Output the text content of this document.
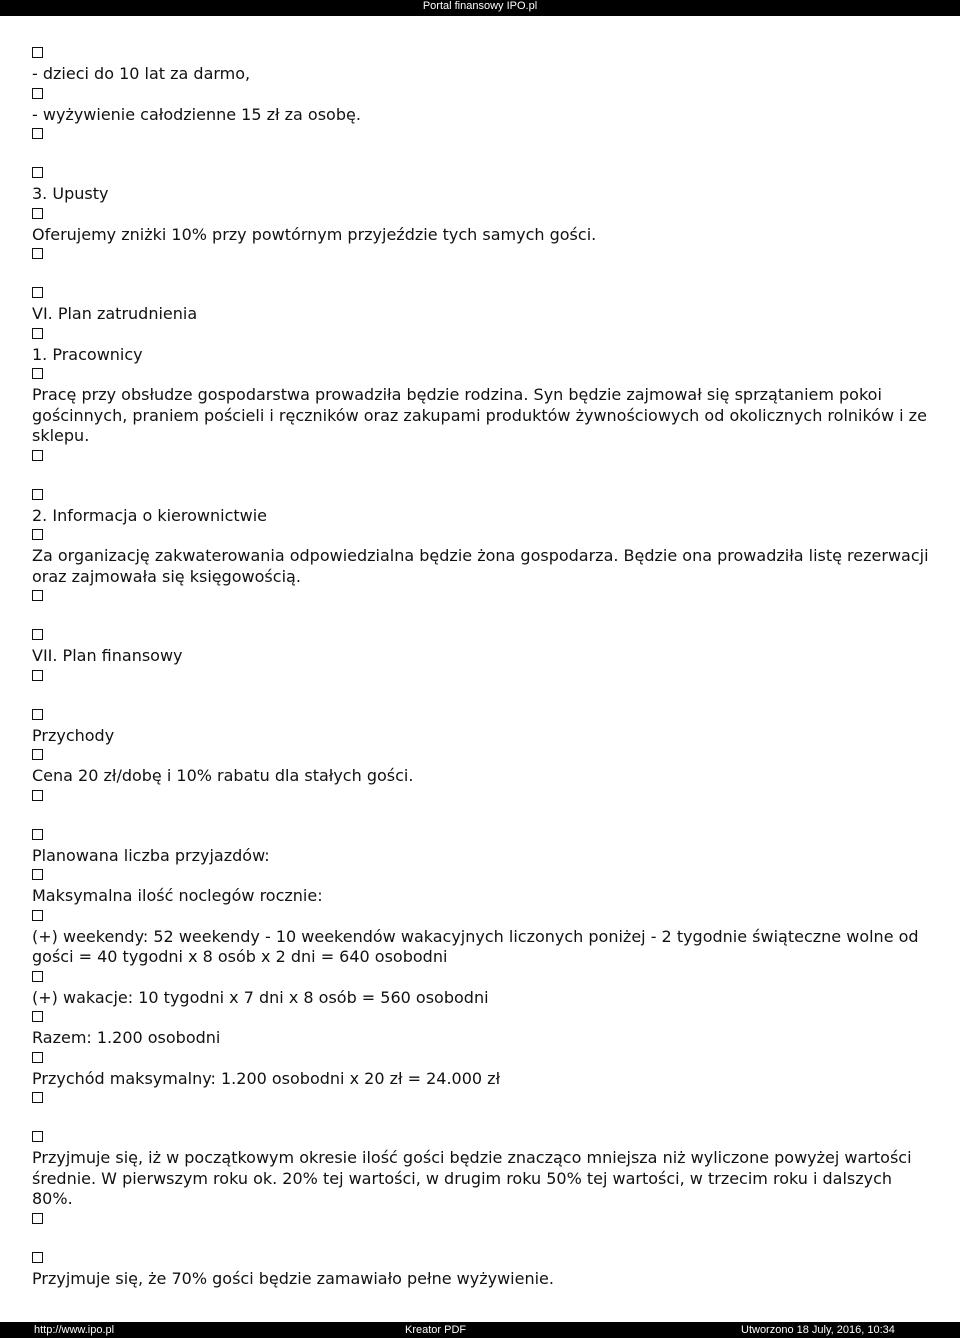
Portal finansowy IPO.pl
- dzieci do 10 lat za darmo,
- wyżywienie całodzienne 15 zł za osobę.
3. Upusty
Oferujemy zniżki 10% przy powtórnym przyjeździe tych samych gości.
VI. Plan zatrudnienia
1. Pracownicy
Pracę przy obsłudze gospodarstwa prowadziła będzie rodzina. Syn będzie zajmował się sprzątaniem pokoi gościnnych, praniem pościeli i ręczników oraz zakupami produktów żywnościowych od okolicznych rolników i ze sklepu.
2. Informacja o kierownictwie
Za organizację zakwaterowania odpowiedzialna będzie żona gospodarza. Będzie ona prowadziła listę rezerwacji oraz zajmowała się księgowością.
VII. Plan finansowy
Przychody
Cena 20 zł/dobę i 10% rabatu dla stałych gości.
Planowana liczba przyjazdów:
Maksymalna ilość noclegów rocznie:
(+) weekendy: 52 weekendy - 10 weekendów wakacyjnych liczonych poniżej - 2 tygodnie świąteczne wolne od gości = 40 tygodni x 8 osób x 2 dni = 640 osobodni
(+) wakacje: 10 tygodni x 7 dni x 8 osób = 560 osobodni
Razem: 1.200 osobodni
Przychód maksymalny: 1.200 osobodni x 20 zł = 24.000 zł
Przyjmuje się, iż w początkowym okresie ilość gości będzie znacząco mniejsza niż wyliczone powyżej wartości średnie. W pierwszym roku ok. 20% tej wartości, w drugim roku 50% tej wartości, w trzecim roku i dalszych 80%.
Przyjmuje się, że 70% gości będzie zamawiało pełne wyżywienie.
http://www.ipo.pl	Kreator PDF	Utworzono 18 July, 2016, 10:34
